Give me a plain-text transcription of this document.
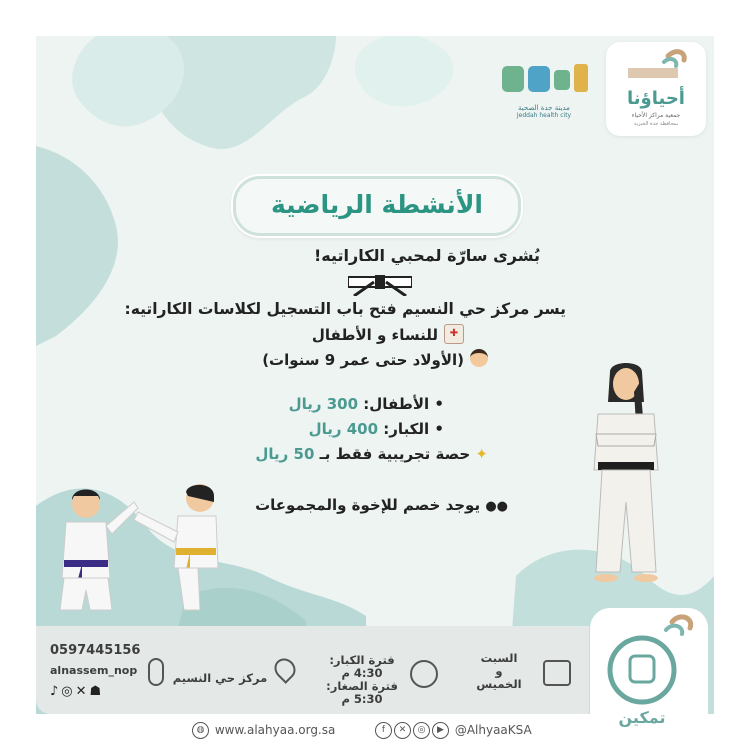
مدينة جدة الصحية
Jeddah health city
أحياؤنا
جمعية مراكز الأحياء
بمحافظة جدة الخيرية
الأنشطة الرياضية
بُشرى سارّة لمحبي الكاراتيه!
يسر مركز حي النسيم فتح باب التسجيل لكلاسات الكاراتيه:
✚
للنساء و الأطفال
(الأولاد حتى عمر 9 سنوات)
• الأطفال: 300 ريال
• الكبار: 400 ريال
✦ حصة تجريبية فقط بـ 50 ريال
●● يوجد خصم للإخوة والمجموعات
السبت
و
الخميس
فترة الكبار:
4:30 م
فترة الصغار:
5:30 م
مركز حي النسيم
0597445156
alnassem_nop
♪◎✕☗
تمكين
◍ www.alahyaa.org.sa	f ✕ ◎ ▶ @AlhyaaKSA
